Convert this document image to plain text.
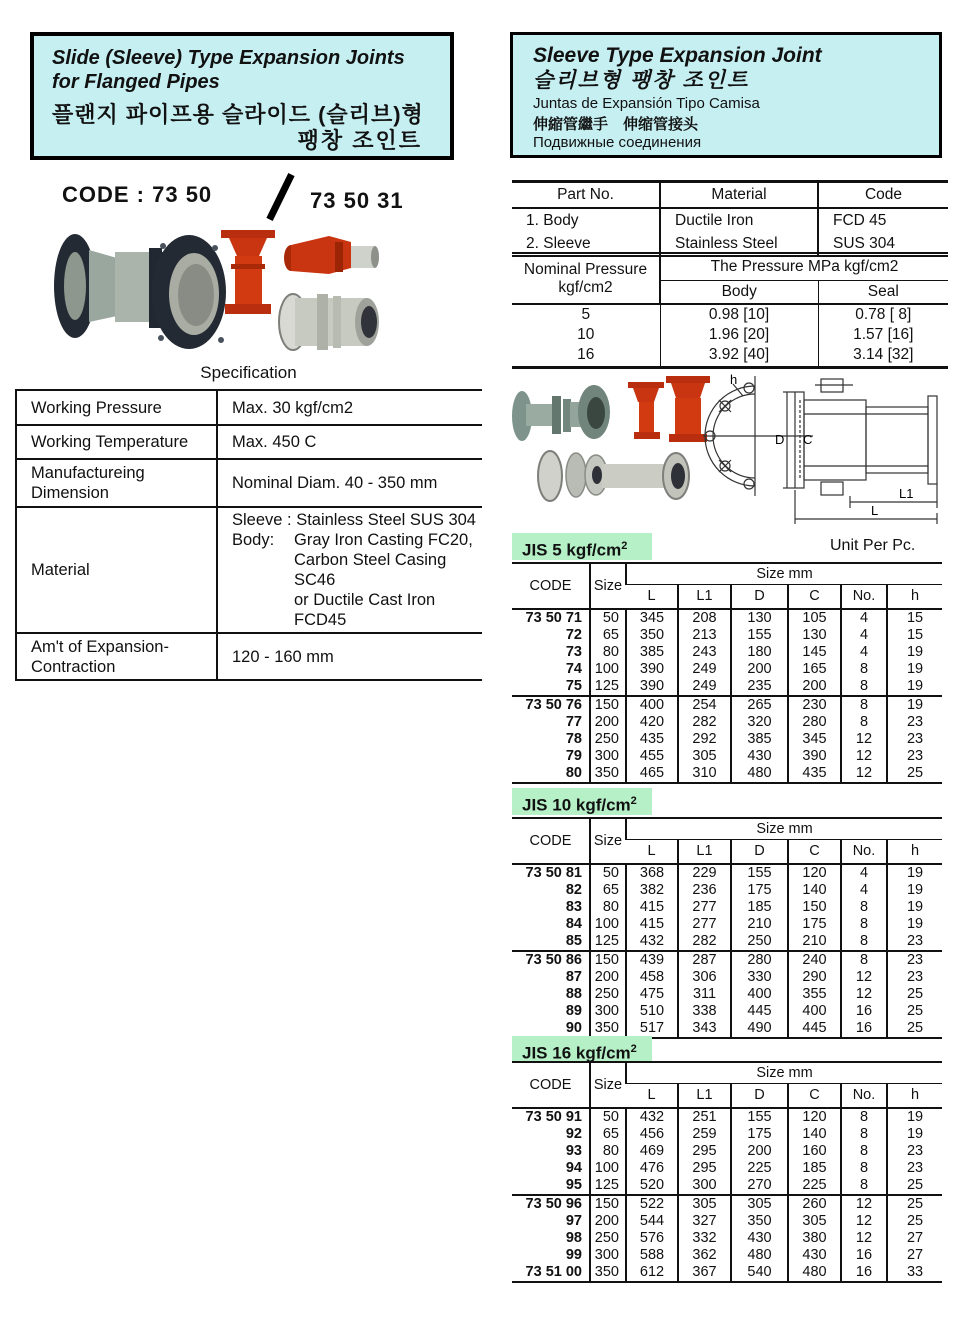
Slide (Sleeve) Type Expansion Joints
for Flanged Pipes
플랜지 파이프용 슬라이드 (슬리브)형
팽창 조인트
CODE : 73 50	73 50 31
Specification
Working Pressure	Max. 30 kgf/cm2
Working Temperature	Max. 450 C

Manufactureing
Dimension	Nominal Diam. 40 - 350 mm
Material	Sleeve : Stainless Steel SUS 304
Body: Gray Iron Casting FC20,
Carbon Steel Casing SC46
or Ductile Cast Iron FCD45

Am't of Expansion-
Contraction	120 - 160 mm
Sleeve Type Expansion Joint
슬리브형 팽창 조인트
Juntas de Expansión Tipo Camisa
伸縮管繼手　伸缩管接头
Подвижные соединения
Part No.	Material	Code
1. Body	Ductile Iron	FCD 45
2. Sleeve	Stainless Steel	SUS 304
Nominal Pressure
kgf/cm2	The Pressure MPa kgf/cm2	
	Body	Seal
5	0.98 [10]	0.78 [ 8]
10	1.96 [20]	1.57 [16]
16	3.92 [40]	3.14 [32]
h
D C
L1
L
JIS 5 kgf/$cm^2$	Unit Per Pc.
CODE	Size	Size mm					
		L	L1	D	C	No.	h
73 50 71	50	345	208	130	105	4	15
72	65	350	213	155	130	4	15
73	80	385	243	180	145	4	19
74	100	390	249	200	165	8	19
75	125	390	249	235	200	8	19
73 50 76	150	400	254	265	230	8	19
77	200	420	282	320	280	8	23
78	250	435	292	385	345	12	23
79	300	455	305	430	390	12	23
80	350	465	310	480	435	12	25
JIS 10 kgf/$cm^2$
CODE	Size	Size mm					
		L	L1	D	C	No.	h
73 50 81	50	368	229	155	120	4	19
82	65	382	236	175	140	4	19
83	80	415	277	185	150	8	19
84	100	415	277	210	175	8	19
85	125	432	282	250	210	8	23
73 50 86	150	439	287	280	240	8	23
87	200	458	306	330	290	12	23
88	250	475	311	400	355	12	25
89	300	510	338	445	400	16	25
90	350	517	343	490	445	16	25
JIS 16 kgf/$cm^2$
CODE	Size	Size mm					
		L	L1	D	C	No.	h
73 50 91	50	432	251	155	120	8	19
92	65	456	259	175	140	8	19
93	80	469	295	200	160	8	23
94	100	476	295	225	185	8	23
95	125	520	300	270	225	8	25
73 50 96	150	522	305	305	260	12	25
97	200	544	327	350	305	12	25
98	250	576	332	430	380	12	27
99	300	588	362	480	430	16	27
73 51 00	350	612	367	540	480	16	33
